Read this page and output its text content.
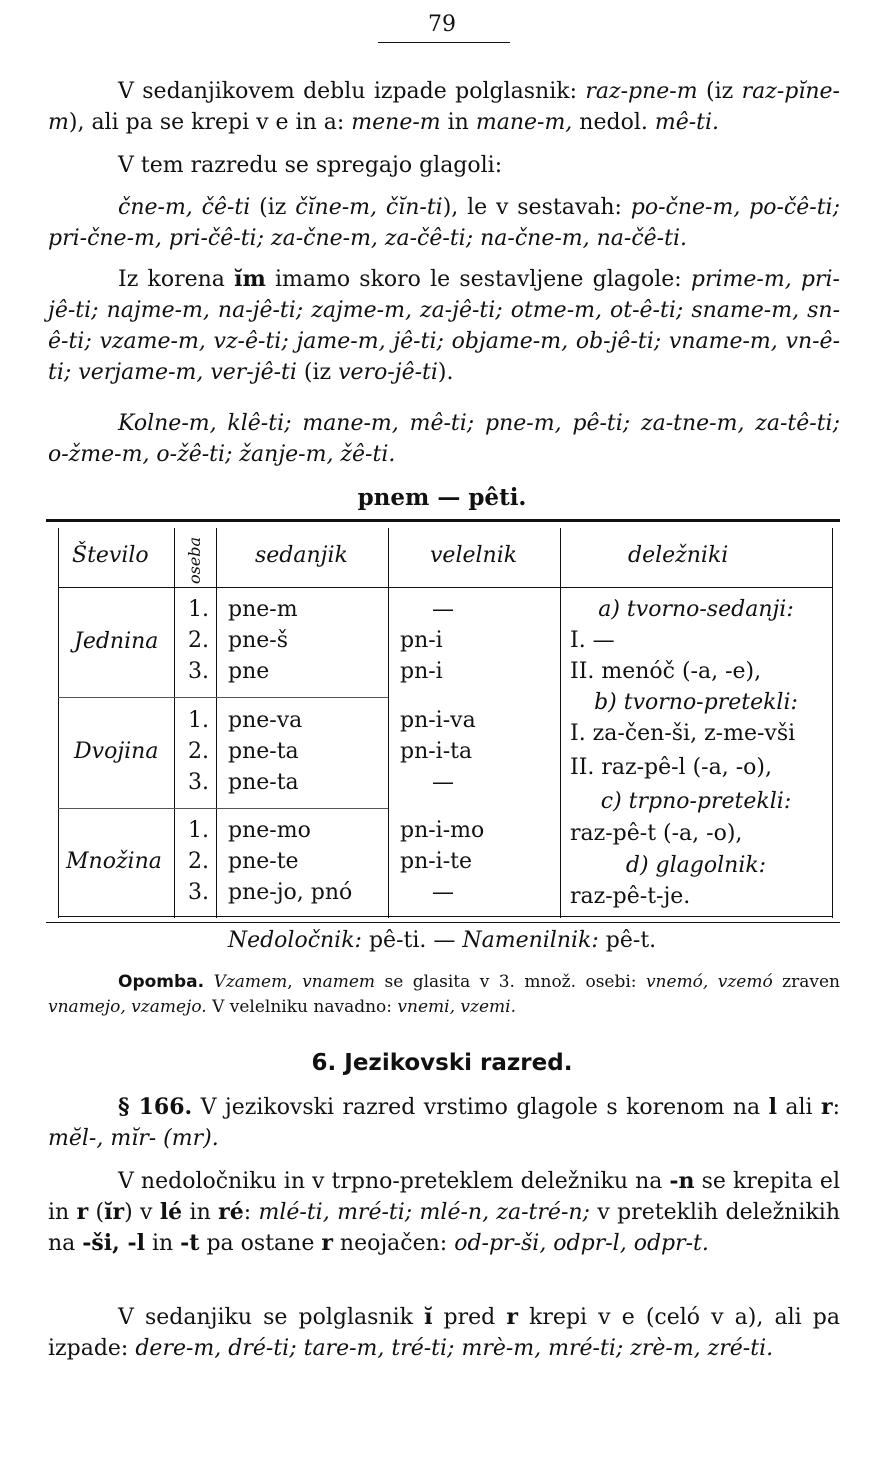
79
V sedanjikovem deblu izpade polglasnik: raz-pne-m (iz raz-pĭne-m), ali pa se krepi v e in a: mene-m in mane-m, nedol. mê-ti.
V tem razredu se spregajo glagoli:
čne-m, čê-ti (iz čĭne-m, čĭn-ti), le v sestavah: po-čne-m, po-čê-ti; pri-čne-m, pri-čê-ti; za-čne-m, za-čê-ti; na-čne-m, na-čê-ti.
Iz korena ĭm imamo skoro le sestavljene glagole: prime-m, pri-jê-ti; najme-m, na-jê-ti; zajme-m, za-jê-ti; otme-m, ot-ê-ti; sname-m, sn-ê-ti; vzame-m, vz-ê-ti; jame-m, jê-ti; objame-m, ob-jê-ti; vname-m, vn-ê-ti; verjame-m, ver-jê-ti (iz vero-jê-ti).
Kolne-m, klê-ti; mane-m, mê-ti; pne-m, pê-ti; za-tne-m, za-tê-ti; o-žme-m, o-žê-ti; žanje-m, žê-ti.
pnem — pêti.
Število oseba sedanjik	velelnik	deležniki
Jednina
Dvojina
Množina
1.
2.
3.
1.
2.
3.
1.
2.
3.
pne-m
pne-š
pne
pne-va
pne-ta
pne-ta
pne-mo
pne-te
pne-jo, pnó
—
pn-i
pn-i
pn-i-va
pn-i-ta
—
pn-i-mo
pn-i-te
—
a) tvorno-sedanji:
I. —
II. menóč (-a, -e),
b) tvorno-pretekli:
I. za-čen-ši, z-me-vši
II. raz-pê-l (-a, -o),
c) trpno-pretekli:
raz-pê-t (-a, -o),
d) glagolnik:
raz-pê-t-je.
Nedoločnik: pê-ti. — Namenilnik: pê-t.
Opomba. Vzamem, vnamem se glasita v 3. množ. osebi: vnemó, vzemó zraven vnamejo, vzamejo. V velelniku navadno: vnemi, vzemi.
6. Jezikovski razred.
§ 166. V jezikovski razred vrstimo glagole s korenom na l ali r: mĕl-, mĭr- (mr).
V nedoločniku in v trpno-preteklem deležniku na -n se krepita el in r (ĭr) v lé in ré: mlé-ti, mré-ti; mlé-n, za-tré-n; v preteklih deležnikih na -ši, -l in -t pa ostane r neojačen: od-pr-ši, odpr-l, odpr-t.
V sedanjiku se polglasnik ĭ pred r krepi v e (celó v a), ali pa izpade: dere-m, dré-ti; tare-m, tré-ti; mrè-m, mré-ti; zrè-m, zré-ti.
